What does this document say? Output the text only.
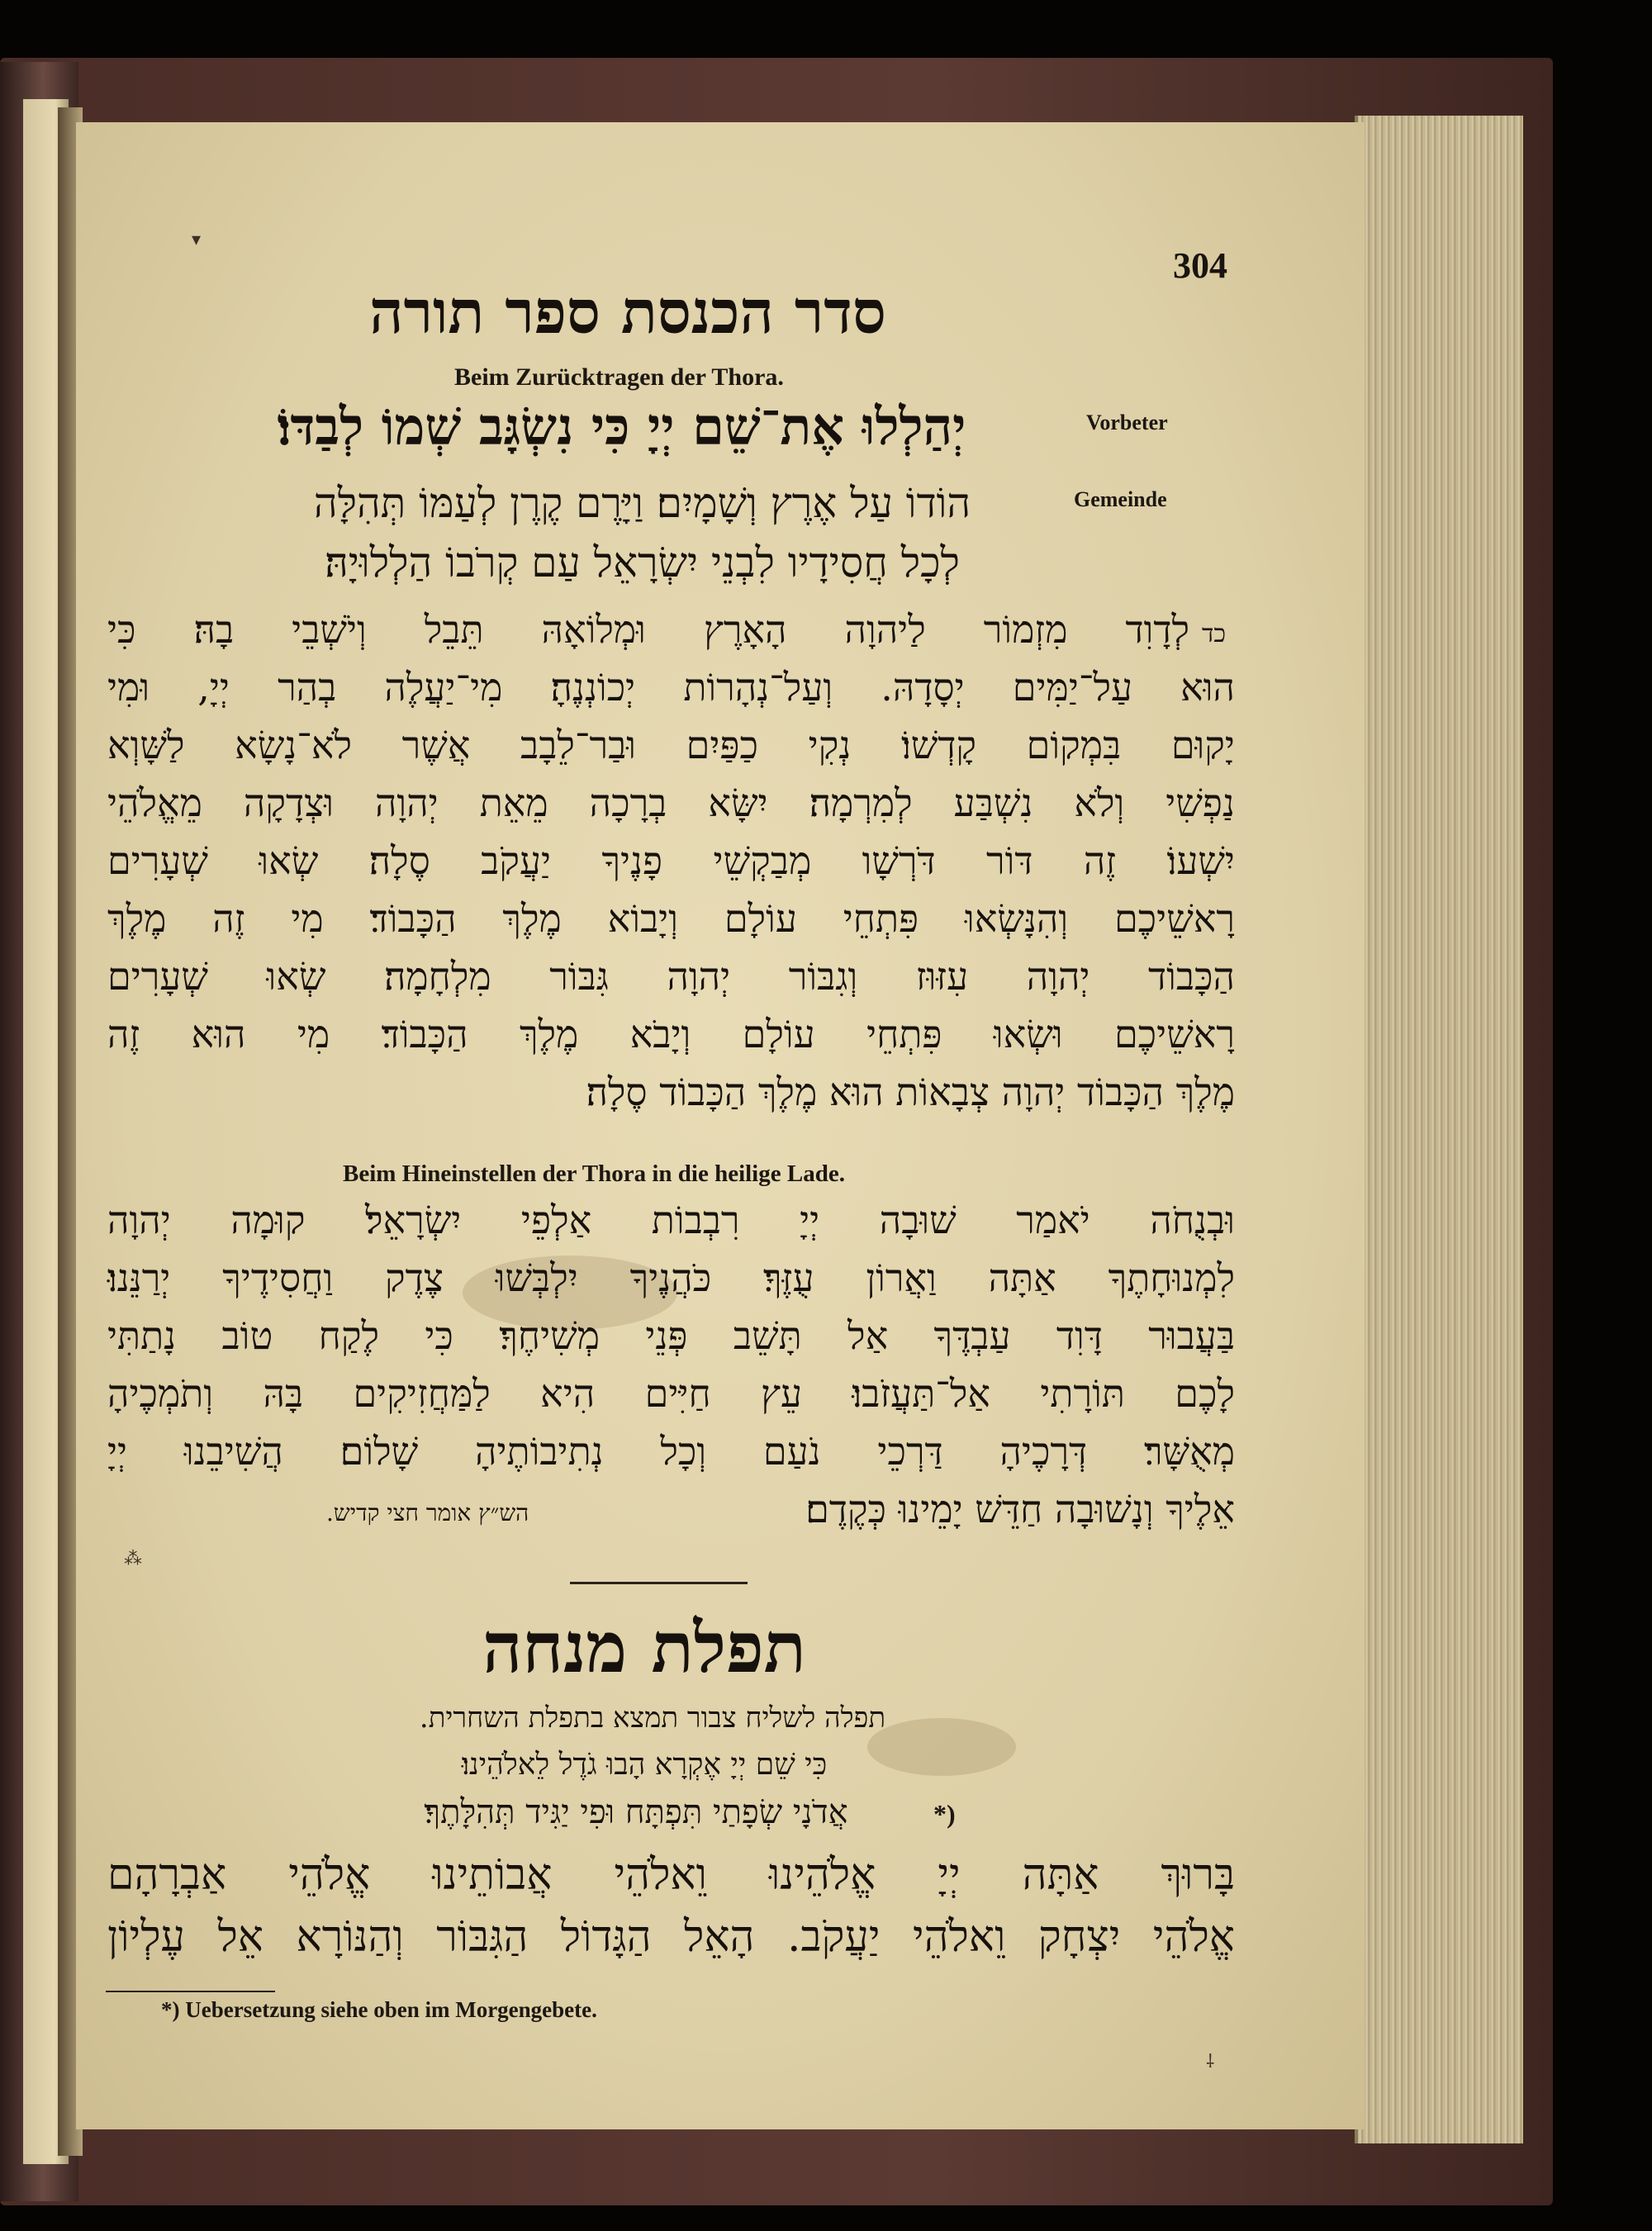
▾
⁂
⸸
304
סדר הכנסת ספר תורה
Beim Zurücktragen der Thora.
Vorbeter
יְהַלְלוּ אֶת־שֵׁם יְיָ כִּי נִשְׂגָּב שְׁמוֹ לְבַדּוֹ׃
Gemeinde
הוֹדוֹ עַל אֶרֶץ וְשָׁמָיִם׃ וַיָּרֶם קֶרֶן לְעַמּוֹ תְּהִלָּה
לְכָל חֲסִידָיו לִבְנֵי יִשְׂרָאֵל עַם קְרֹבוֹ הַלְלוּיָהּ׃
כד
לְדָוִד מִזְמוֹר לַיהוָה הָאָרֶץ וּמְלוֹאָהּ תֵּבֵל וְיֹשְׁבֵי בָהּ׃ כִּי
הוּא עַל־יַמִּים יְסָדָהּ. וְעַל־נְהָרוֹת יְכוֹנְנֶהָ׃ מִי־יַעֲלֶה בְהַר יְיָ, וּמִי
יָקוּם בִּמְקוֹם קָדְשׁוֹ׃ נְקִי כַפַּיִם וּבַר־לֵבָב אֲשֶׁר לֹא־נָשָׂא לַשָּׁוְא
נַפְשִׁי וְלֹא נִשְׁבַּע לְמִרְמָה׃ יִשָּׂא בְרָכָה מֵאֵת יְהוָה וּצְדָקָה מֵאֱלֹהֵי
יִשְׁעוֹ׃ זֶה דּוֹר דֹּרְשָׁו מְבַקְשֵׁי פָנֶיךָ יַעֲקֹב סֶלָה׃ שְׂאוּ שְׁעָרִים
רָאשֵׁיכֶם וְהִנָּשְׂאוּ פִּתְחֵי עוֹלָם וְיָבוֹא מֶלֶךְ הַכָּבוֹד׃ מִי זֶה מֶלֶךְ
הַכָּבוֹד יְהוָה עִזּוּז וְגִבּוֹר יְהוָה גִּבּוֹר מִלְחָמָה׃ שְׂאוּ שְׁעָרִים
רָאשֵׁיכֶם וּשְׂאוּ פִּתְחֵי עוֹלָם וְיָבֹא מֶלֶךְ הַכָּבוֹד׃ מִי הוּא זֶה
מֶלֶךְ הַכָּבוֹד יְהוָה צְבָאוֹת הוּא מֶלֶךְ הַכָּבוֹד סֶלָה׃
Beim Hineinstellen der Thora in die heilige Lade.
וּבְנֻחֹה יֹאמַר שׁוּבָה יְיָ רִבְבוֹת אַלְפֵי יִשְׂרָאֵל׃ קוּמָה יְהוָה
לִמְנוּחָתֶךָ אַתָּה וַאֲרוֹן עֻזֶּךָ׃ כֹּהֲנֶיךָ יִלְבְּשׁוּ צֶדֶק וַחֲסִידֶיךָ יְרַנֵּנוּ׃
בַּעֲבוּר דָּוִד עַבְדֶּךָ אַל תָּשֵׁב פְּנֵי מְשִׁיחֶךָ׃ כִּי לֶקַח טוֹב נָתַתִּי
לָכֶם תּוֹרָתִי אַל־תַּעֲזֹבוּ׃ עֵץ חַיִּים הִיא לַמַּחֲזִיקִים בָּהּ וְתֹמְכֶיהָ
מְאֻשָּׁר׃ דְּרָכֶיהָ דַּרְכֵי נֹעַם וְכָל נְתִיבוֹתֶיהָ שָׁלוֹם׃ הֲשִׁיבֵנוּ יְיָ
אֵלֶיךָ וְנָשׁוּבָה חַדֵּשׁ יָמֵינוּ כְּקֶדֶם׃
הש״ץ אומר חצי קדיש.
תפלת מנחה
תפלה לשליח צבור תמצא בתפלת השחרית.
כִּי שֵׁם יְיָ אֶקְרָא הָבוּ גֹדֶל לֵאלֹהֵינוּ׃
אֲדֹנָי שְׂפָתַי תִּפְתָּח וּפִי יַגִּיד תְּהִלָּתֶךָ׃	*)
בָּרוּךְ אַתָּה יְיָ אֱלֹהֵינוּ וֵאלֹהֵי אֲבוֹתֵינוּ אֱלֹהֵי אַבְרָהָם
אֱלֹהֵי יִצְחָק וֵאלֹהֵי יַעֲקֹב. הָאֵל הַגָּדוֹל הַגִּבּוֹר וְהַנּוֹרָא אֵל עֶלְיוֹן
*) Uebersetzung siehe oben im Morgengebete.
